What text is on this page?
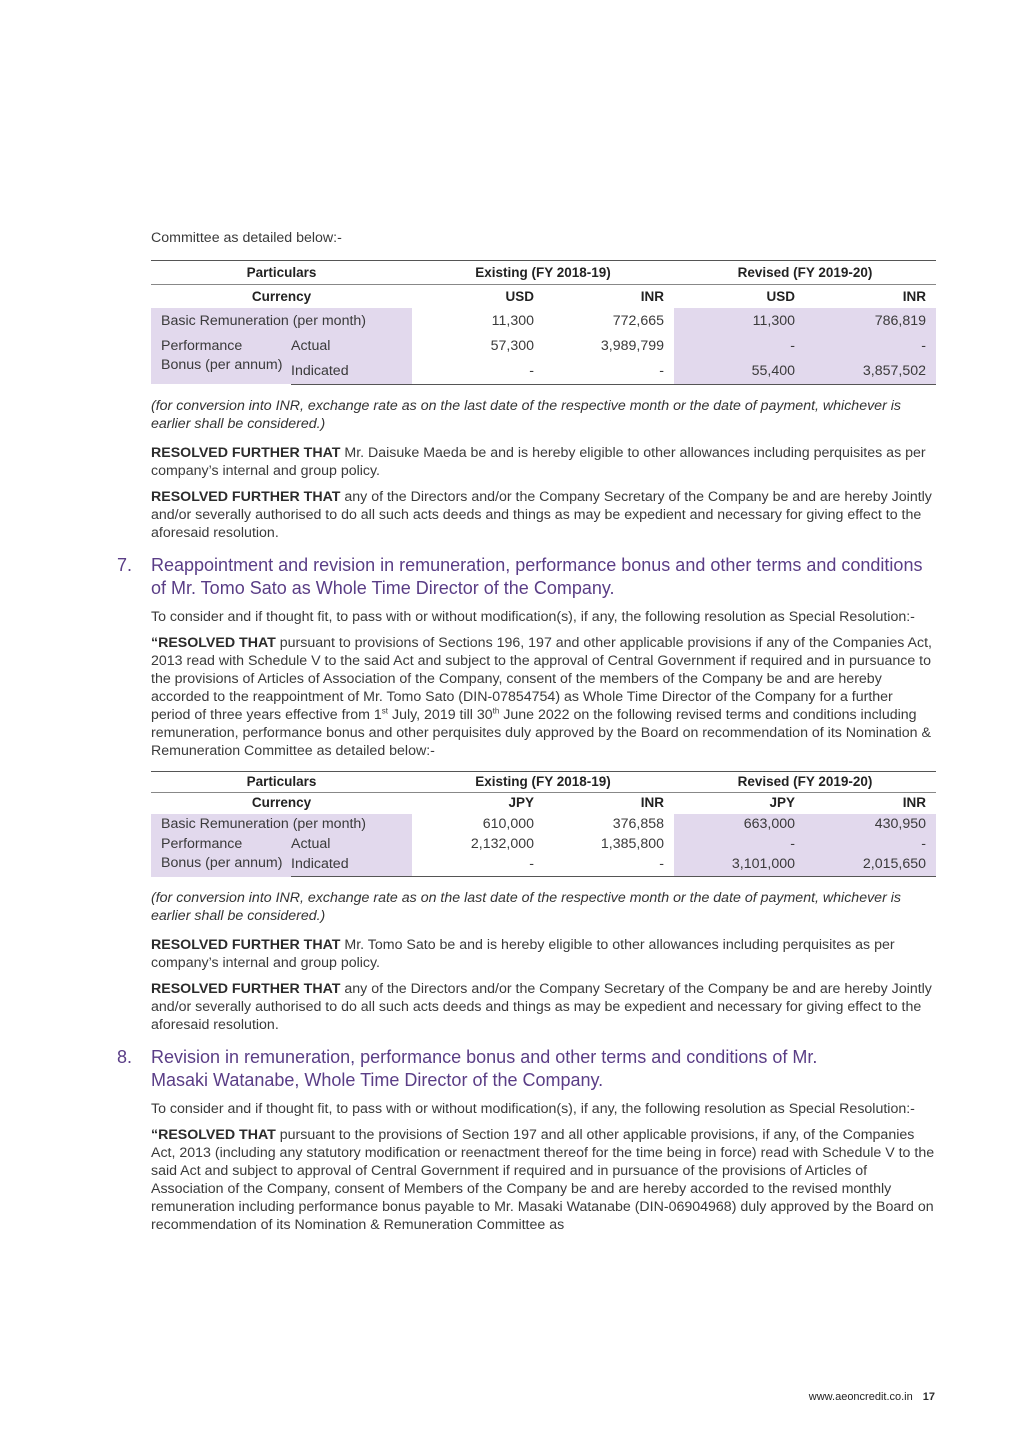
Committee as detailed below:-

Particulars		Existing (FY 2018-19)		Revised (FY 2019-20)	
Currency		USD	INR	USD	INR
Basic Remuneration (per month)		11,300	772,665	11,300	786,819
Performance Bonus (per annum)	Actual	57,300	3,989,799	-	-
	Indicated	-	-	55,400	3,857,502

(for conversion into INR, exchange rate as on the last date of the respective month or the date of payment, whichever is earlier shall be considered.)

RESOLVED FURTHER THAT Mr. Daisuke Maeda be and is hereby eligible to other allowances including perquisites as per company’s internal and group policy.

RESOLVED FURTHER THAT any of the Directors and/or the Company Secretary of the Company be and are hereby Jointly and/or severally authorised to do all such acts deeds and things as may be expedient and necessary for giving effect to the aforesaid resolution.

7. Reappointment and revision in remuneration, performance bonus and other terms and conditions of Mr. Tomo Sato as Whole Time Director of the Company.

To consider and if thought fit, to pass with or without modification(s), if any, the following resolution as Special Resolution:-

“RESOLVED THAT pursuant to provisions of Sections 196, 197 and other applicable provisions if any of the Companies Act, 2013 read with Schedule V to the said Act and subject to the approval of Central Government if required and in pursuance to the provisions of Articles of Association of the Company, consent of the members of the Company be and are hereby accorded to the reappointment of Mr. Tomo Sato (DIN-07854754) as Whole Time Director of the Company for a further period of three years effective from 1st July, 2019 till 30th June 2022 on the following revised terms and conditions including remuneration, performance bonus and other perquisites duly approved by the Board on recommendation of its Nomination & Remuneration Committee as detailed below:-

Particulars		Existing (FY 2018-19)		Revised (FY 2019-20)	
Currency		JPY	INR	JPY	INR
Basic Remuneration (per month)		610,000	376,858	663,000	430,950
Performance Bonus (per annum)	Actual	2,132,000	1,385,800	-	-
	Indicated	-	-	3,101,000	2,015,650

(for conversion into INR, exchange rate as on the last date of the respective month or the date of payment, whichever is earlier shall be considered.)

RESOLVED FURTHER THAT Mr. Tomo Sato be and is hereby eligible to other allowances including perquisites as per company’s internal and group policy.

RESOLVED FURTHER THAT any of the Directors and/or the Company Secretary of the Company be and are hereby Jointly and/or severally authorised to do all such acts deeds and things as may be expedient and necessary for giving effect to the aforesaid resolution.

8. Revision in remuneration, performance bonus and other terms and conditions of Mr. Masaki Watanabe, Whole Time Director of the Company.

To consider and if thought fit, to pass with or without modification(s), if any, the following resolution as Special Resolution:-

“RESOLVED THAT pursuant to the provisions of Section 197 and all other applicable provisions, if any, of the Companies Act, 2013 (including any statutory modification or reenactment thereof for the time being in force) read with Schedule V to the said Act and subject to approval of Central Government if required and in pursuance of the provisions of Articles of Association of the Company, consent of Members of the Company be and are hereby accorded to the revised monthly remuneration including performance bonus payable to Mr. Masaki Watanabe (DIN-06904968) duly approved by the Board on recommendation of its Nomination & Remuneration Committee as

www.aeoncredit.co.in 17
